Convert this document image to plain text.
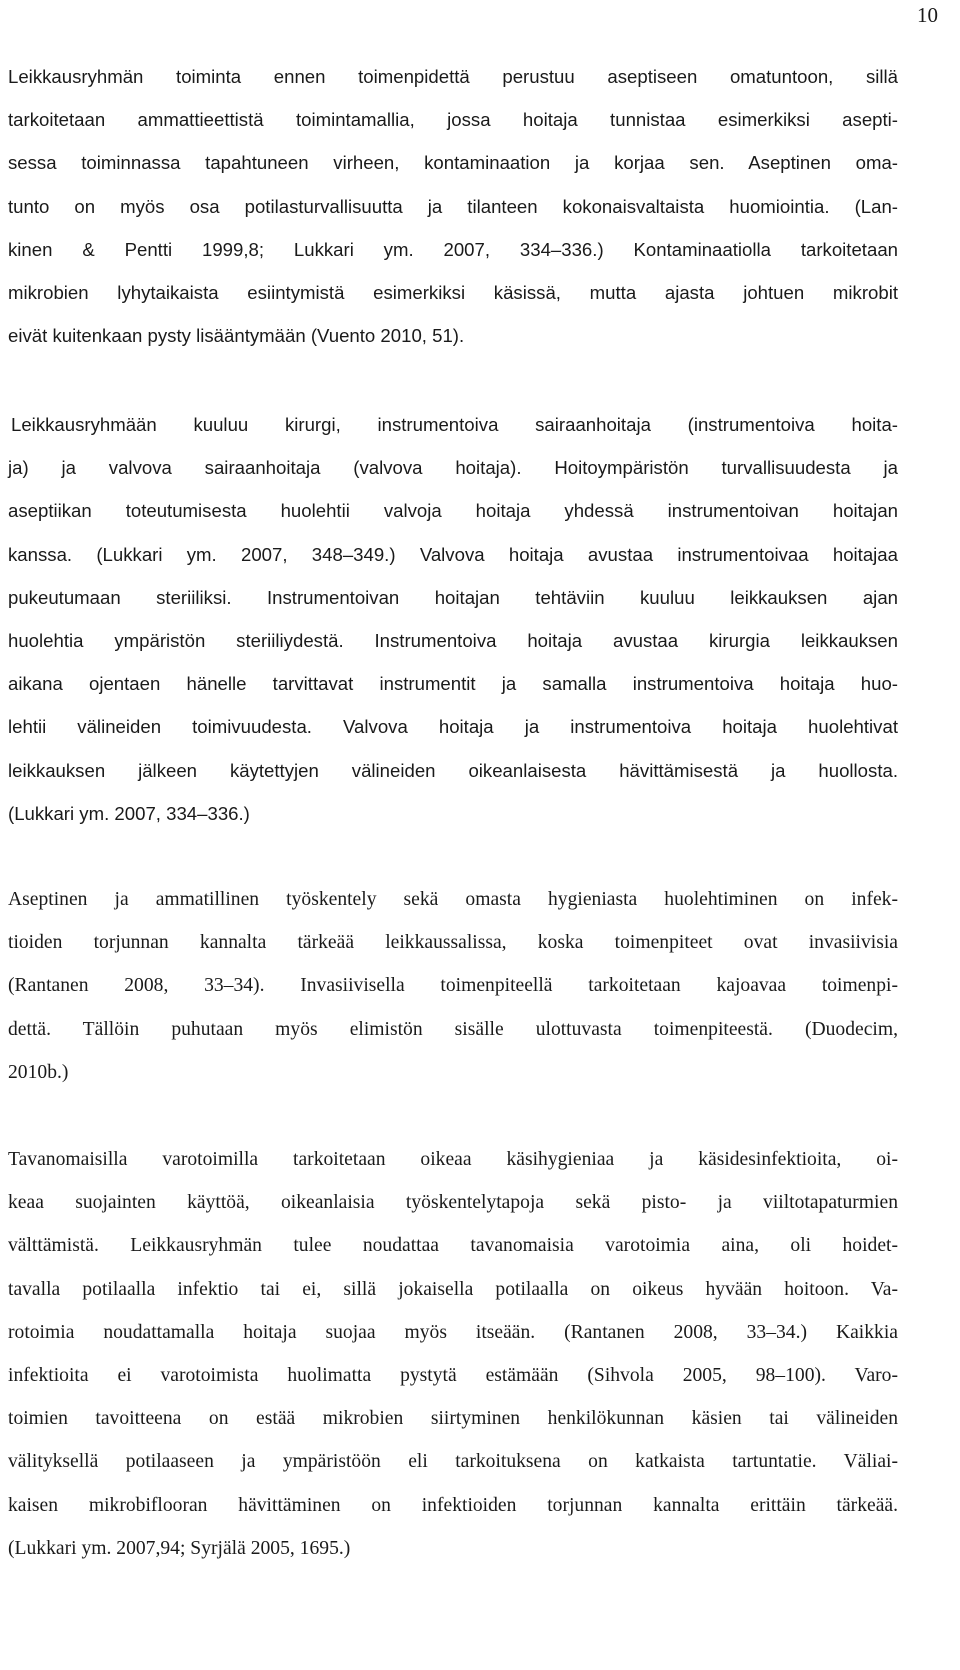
10
Leikkausryhmän toiminta ennen toimenpidettä perustuu aseptiseen omatuntoon, sillä
tarkoitetaan ammattieettistä toimintamallia, jossa hoitaja tunnistaa esimerkiksi asepti-
sessa toiminnassa tapahtuneen virheen, kontaminaation ja korjaa sen. Aseptinen oma-
tunto on myös osa potilasturvallisuutta ja tilanteen kokonaisvaltaista huomiointia. (Lan-
kinen & Pentti 1999,8; Lukkari ym. 2007, 334–336.) Kontaminaatiolla tarkoitetaan
mikrobien lyhytaikaista esiintymistä esimerkiksi käsissä, mutta ajasta johtuen mikrobit
eivät kuitenkaan pysty lisääntymään (Vuento 2010, 51).
Leikkausryhmään kuuluu kirurgi, instrumentoiva sairaanhoitaja (instrumentoiva hoita-
ja) ja valvova sairaanhoitaja (valvova hoitaja). Hoitoympäristön turvallisuudesta ja
aseptiikan toteutumisesta huolehtii valvoja hoitaja yhdessä instrumentoivan hoitajan
kanssa. (Lukkari ym. 2007, 348–349.) Valvova hoitaja avustaa instrumentoivaa hoitajaa
pukeutumaan steriiliksi. Instrumentoivan hoitajan tehtäviin kuuluu leikkauksen ajan
huolehtia ympäristön steriiliydestä. Instrumentoiva hoitaja avustaa kirurgia leikkauksen
aikana ojentaen hänelle tarvittavat instrumentit ja samalla instrumentoiva hoitaja huo-
lehtii välineiden toimivuudesta. Valvova hoitaja ja instrumentoiva hoitaja huolehtivat
leikkauksen jälkeen käytettyjen välineiden oikeanlaisesta hävittämisestä ja huollosta.
(Lukkari ym. 2007, 334–336.)
Aseptinen ja ammatillinen työskentely sekä omasta hygieniasta huolehtiminen on infek-
tioiden torjunnan kannalta tärkeää leikkaussalissa, koska toimenpiteet ovat invasiivisia
(Rantanen 2008, 33–34). Invasiivisella toimenpiteellä tarkoitetaan kajoavaa toimenpi-
dettä. Tällöin puhutaan myös elimistön sisälle ulottuvasta toimenpiteestä. (Duodecim,
2010b.)
Tavanomaisilla varotoimilla tarkoitetaan oikeaa käsihygieniaa ja käsidesinfektioita, oi-
keaa suojainten käyttöä, oikeanlaisia työskentelytapoja sekä pisto- ja viiltotapaturmien
välttämistä. Leikkausryhmän tulee noudattaa tavanomaisia varotoimia aina, oli hoidet-
tavalla potilaalla infektio tai ei, sillä jokaisella potilaalla on oikeus hyvään hoitoon. Va-
rotoimia noudattamalla hoitaja suojaa myös itseään. (Rantanen 2008, 33–34.) Kaikkia
infektioita ei varotoimista huolimatta pystytä estämään (Sihvola 2005, 98–100). Varo-
toimien tavoitteena on estää mikrobien siirtyminen henkilökunnan käsien tai välineiden
välityksellä potilaaseen ja ympäristöön eli tarkoituksena on katkaista tartuntatie. Väliai-
kaisen mikrobiflooran hävittäminen on infektioiden torjunnan kannalta erittäin tärkeää.
(Lukkari ym. 2007,94; Syrjälä 2005, 1695.)
